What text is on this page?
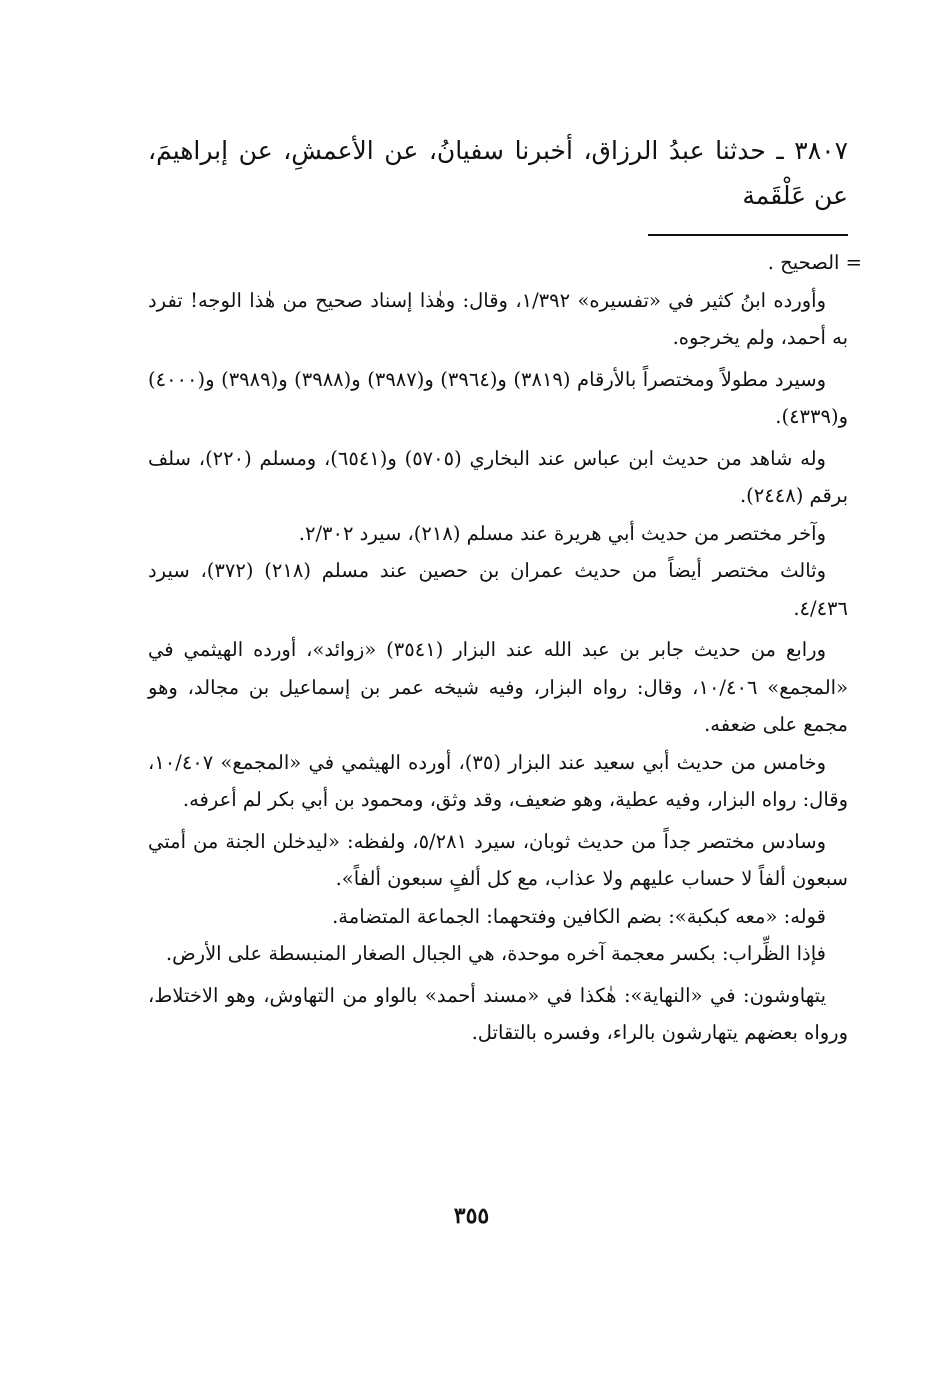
٣٨٠٧ ـ حدثنا عبدُ الرزاق، أخبرنا سفيانُ، عن الأعمشِ، عن إبراهيمَ، عن عَلْقَمة

= الصحيح .

وأورده ابنُ كثير في «تفسيره» ١/٣٩٢، وقال: وهٰذا إسناد صحيح من هٰذا الوجه! تفرد به أحمد، ولم يخرجوه.

وسيرد مطولاً ومختصراً بالأرقام (٣٨١٩) و(٣٩٦٤) و(٣٩٨٧) و(٣٩٨٨) و(٣٩٨٩) و(٤٠٠٠) و(٤٣٣٩).

وله شاهد من حديث ابن عباس عند البخاري (٥٧٠٥) و(٦٥٤١)، ومسلم (٢٢٠)، سلف برقم (٢٤٤٨).

وآخر مختصر من حديث أبي هريرة عند مسلم (٢١٨)، سيرد ٢/٣٠٢.

وثالث مختصر أيضاً من حديث عمران بن حصين عند مسلم (٢١٨) (٣٧٢)، سيرد ٤/٤٣٦.

ورابع من حديث جابر بن عبد الله عند البزار (٣٥٤١) «زوائد»، أورده الهيثمي في «المجمع» ١٠/٤٠٦، وقال: رواه البزار، وفيه شيخه عمر بن إسماعيل بن مجالد، وهو مجمع على ضعفه.

وخامس من حديث أبي سعيد عند البزار (٣٥)، أورده الهيثمي في «المجمع» ١٠/٤٠٧، وقال: رواه البزار، وفيه عطية، وهو ضعيف، وقد وثق، ومحمود بن أبي بكر لم أعرفه.

وسادس مختصر جداً من حديث ثوبان، سيرد ٥/٢٨١، ولفظه: «ليدخلن الجنة من أمتي سبعون ألفاً لا حساب عليهم ولا عذاب، مع كل ألفٍ سبعون ألفاً».

قوله: «معه كبكبة»: بضم الكافين وفتحهما: الجماعة المتضامة.

فإذا الظِّراب: بكسر معجمة آخره موحدة، هي الجبال الصغار المنبسطة على الأرض.

يتهاوشون: في «النهاية»: هٰكذا في «مسند أحمد» بالواو من التهاوش، وهو الاختلاط، ورواه بعضهم يتهارشون بالراء، وفسره بالتقاتل.

٣٥٥
